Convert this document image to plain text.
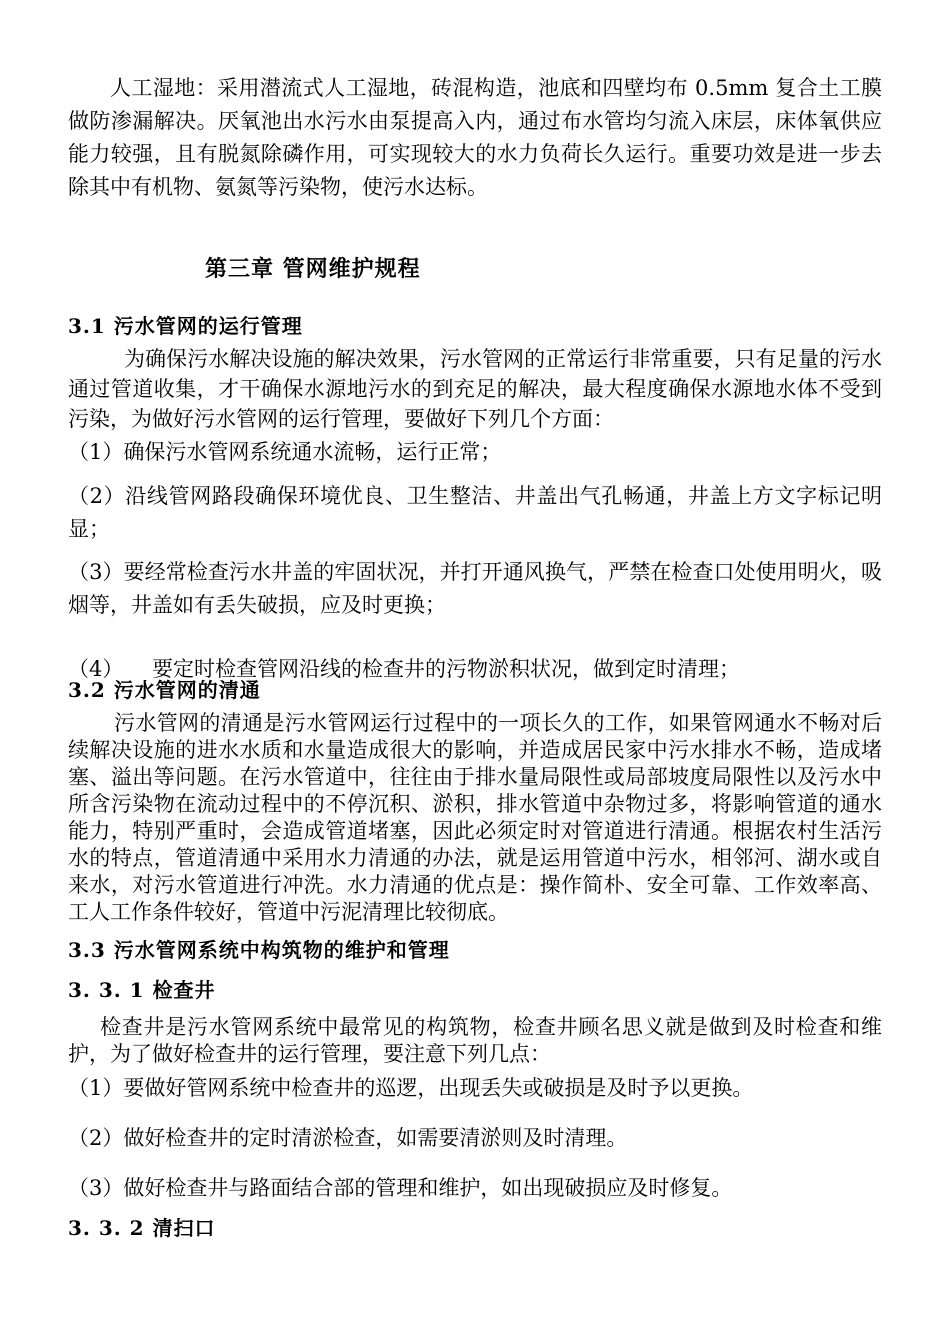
人工湿地：采用潜流式人工湿地，砖混构造，池底和四壁均布 0.5mm 复合土工膜做防渗漏解决。厌氧池出水污水由泵提高入内，通过布水管均匀流入床层，床体氧供应能力较强，且有脱氮除磷作用，可实现较大的水力负荷长久运行。重要功效是进一步去除其中有机物、氨氮等污染物，使污水达标。

第三章 管网维护规程
3.1 污水管网的运行管理

为确保污水解决设施的解决效果，污水管网的正常运行非常重要，只有足量的污水通过管道收集，才干确保水源地污水的到充足的解决，最大程度确保水源地水体不受到污染，为做好污水管网的运行管理，要做好下列几个方面：

（1）确保污水管网系统通水流畅，运行正常；

（2）沿线管网路段确保环境优良、卫生整洁、井盖出气孔畅通，井盖上方文字标记明显；

（3）要经常检查污水井盖的牢固状况，并打开通风换气，严禁在检查口处使用明火，吸烟等，井盖如有丢失破损，应及时更换；

（4） 要定时检查管网沿线的检查井的污物淤积状况，做到定时清理；

3.2 污水管网的清通

污水管网的清通是污水管网运行过程中的一项长久的工作，如果管网通水不畅对后续解决设施的进水水质和水量造成很大的影响，并造成居民家中污水排水不畅，造成堵塞、溢出等问题。在污水管道中，往往由于排水量局限性或局部坡度局限性以及污水中所含污染物在流动过程中的不停沉积、淤积，排水管道中杂物过多，将影响管道的通水能力，特别严重时，会造成管道堵塞，因此必须定时对管道进行清通。根据农村生活污水的特点，管道清通中采用水力清通的办法，就是运用管道中污水，相邻河、湖水或自来水，对污水管道进行冲洗。水力清通的优点是：操作简朴、安全可靠、工作效率高、工人工作条件较好，管道中污泥清理比较彻底。

3.3 污水管网系统中构筑物的维护和管理
3. 3. 1 检查井

检查井是污水管网系统中最常见的构筑物，检查井顾名思义就是做到及时检查和维护，为了做好检查井的运行管理，要注意下列几点：

（1）要做好管网系统中检查井的巡逻，出现丢失或破损是及时予以更换。

（2）做好检查井的定时清淤检查，如需要清淤则及时清理。

（3）做好检查井与路面结合部的管理和维护，如出现破损应及时修复。

3. 3. 2 清扫口
